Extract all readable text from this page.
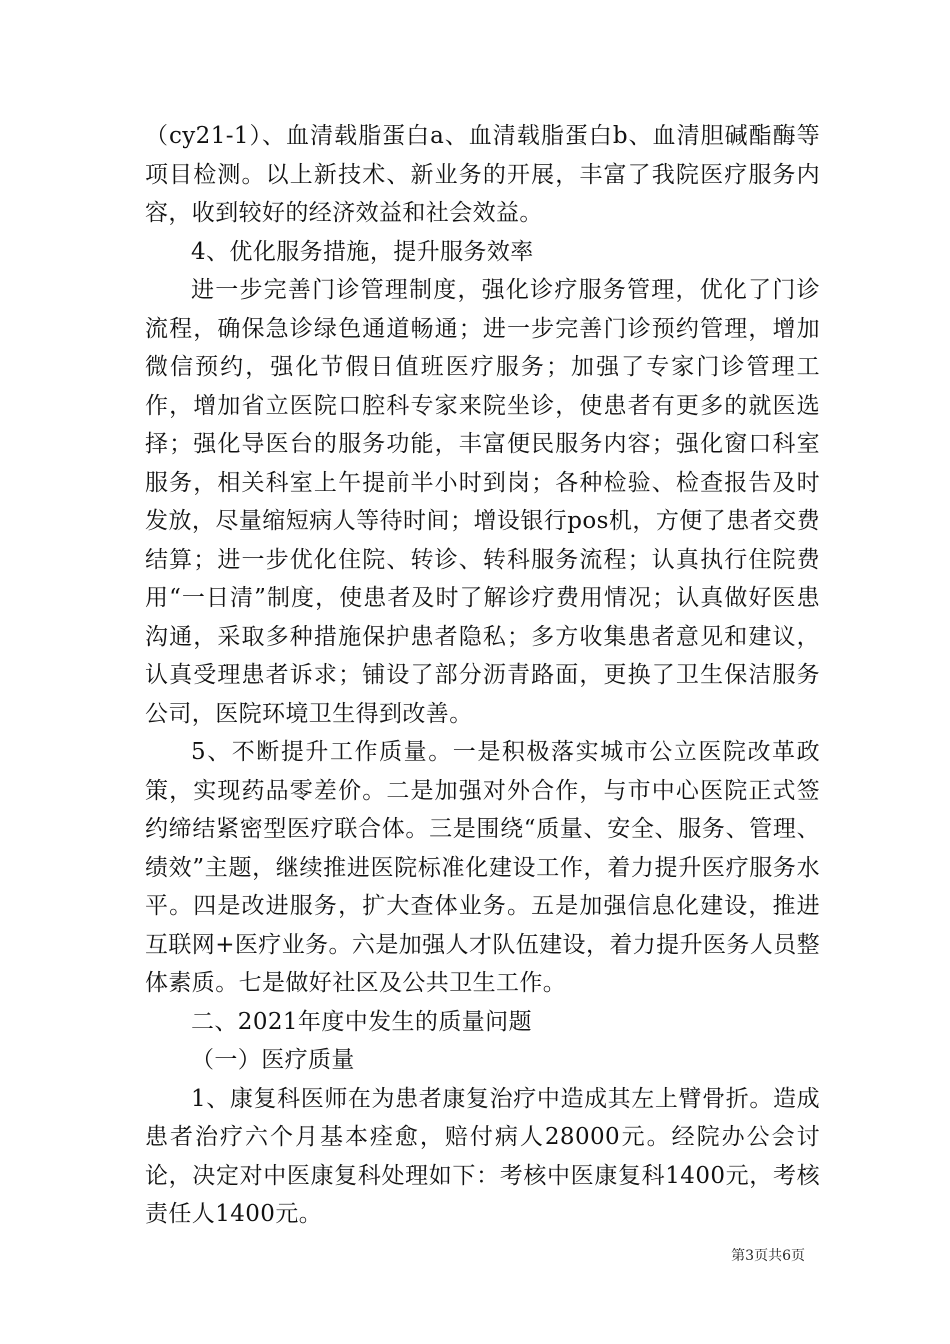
（cy21-1）、血清载脂蛋白a、血清载脂蛋白b、血清胆碱酯酶等项目检测。以上新技术、新业务的开展，丰富了我院医疗服务内容，收到较好的经济效益和社会效益。

4、优化服务措施，提升服务效率

进一步完善门诊管理制度，强化诊疗服务管理，优化了门诊流程，确保急诊绿色通道畅通；进一步完善门诊预约管理，增加微信预约，强化节假日值班医疗服务；加强了专家门诊管理工作，增加省立医院口腔科专家来院坐诊，使患者有更多的就医选择；强化导医台的服务功能，丰富便民服务内容；强化窗口科室服务，相关科室上午提前半小时到岗；各种检验、检查报告及时发放，尽量缩短病人等待时间；增设银行pos机，方便了患者交费结算；进一步优化住院、转诊、转科服务流程；认真执行住院费用“一日清”制度，使患者及时了解诊疗费用情况；认真做好医患沟通，采取多种措施保护患者隐私；多方收集患者意见和建议，认真受理患者诉求；铺设了部分沥青路面，更换了卫生保洁服务公司，医院环境卫生得到改善。

5、不断提升工作质量。一是积极落实城市公立医院改革政策，实现药品零差价。二是加强对外合作，与市中心医院正式签约缔结紧密型医疗联合体。三是围绕“质量、安全、服务、管理、绩效”主题，继续推进医院标准化建设工作，着力提升医疗服务水平。四是改进服务，扩大查体业务。五是加强信息化建设，推进互联网+医疗业务。六是加强人才队伍建设，着力提升医务人员整体素质。七是做好社区及公共卫生工作。

二、2021年度中发生的质量问题

（一）医疗质量

1、康复科医师在为患者康复治疗中造成其左上臂骨折。造成患者治疗六个月基本痊愈，赔付病人28000元。经院办公会讨论，决定对中医康复科处理如下：考核中医康复科1400元，考核责任人1400元。

第3页共6页
